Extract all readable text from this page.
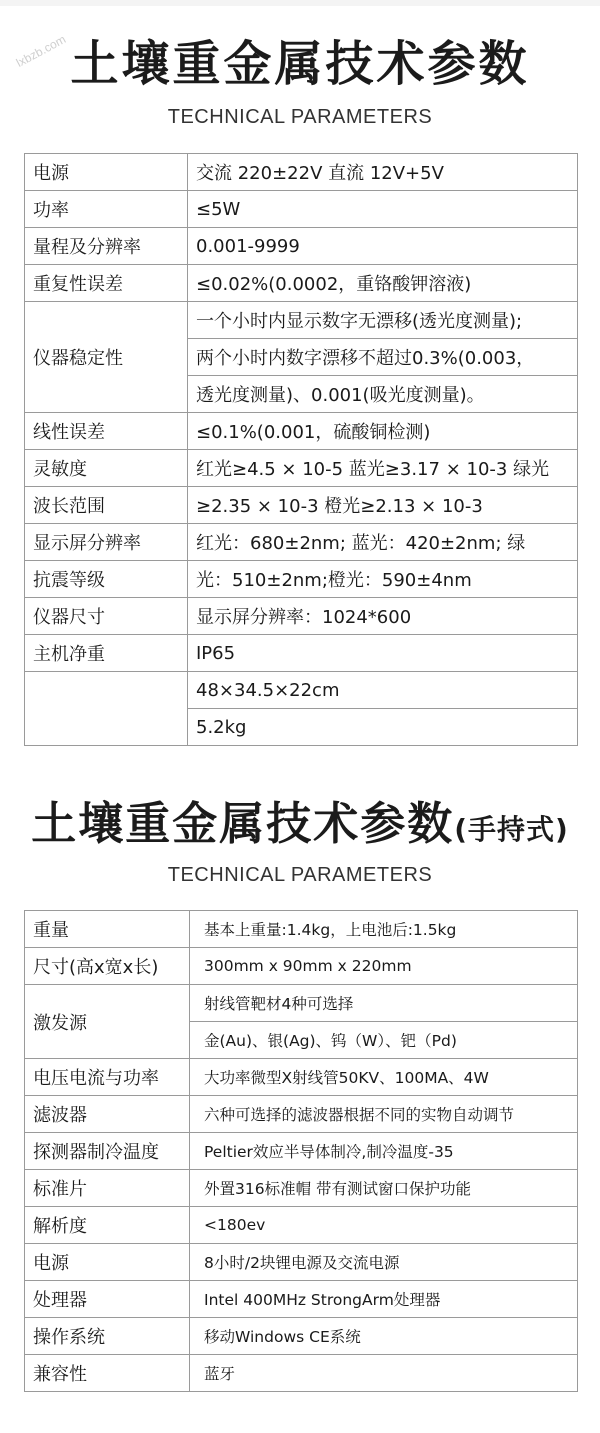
lxbzb.com 土壤重金属技术参数
TECHNICAL PARAMETERS
电源	交流 220±22V 直流 12V+5V
功率	≤5W
量程及分辨率	0.001-9999
重复性误差	≤0.02%(0.0002，重铬酸钾溶液)
仪器稳定性	一个小时内显示数字无漂移(透光度测量);
	两个小时内数字漂移不超过0.3%(0.003，
	透光度测量)、0.001(吸光度测量)。
线性误差	≤0.1%(0.001，硫酸铜检测)
灵敏度	红光≥4.5 × 10-5 蓝光≥3.17 × 10-3 绿光
波长范围	≥2.35 × 10-3 橙光≥2.13 × 10-3
显示屏分辨率	红光：680±2nm; 蓝光：420±2nm; 绿
抗震等级	光：510±2nm;橙光：590±4nm
仪器尺寸	显示屏分辨率：1024*600
主机净重	IP65
	48×34.5×22cm
	5.2kg
土壤重金属技术参数(手持式)
TECHNICAL PARAMETERS
重量	基本上重量:1.4kg，上电池后:1.5kg
尺寸(高x宽x长)	300mm x 90mm x 220mm
激发源	射线管靶材4种可选择
	金(Au)、银(Ag)、钨（W）、钯（Pd)
电压电流与功率	大功率微型X射线管50KV、100MA、4W
滤波器	六种可选择的滤波器根据不同的实物自动调节
探测器制冷温度	Peltier效应半导体制冷,制冷温度-35
标准片	外置316标准帽 带有测试窗口保护功能
解析度	<180ev
电源	8小时/2块锂电源及交流电源
处理器	Intel 400MHz StrongArm处理器
操作系统	移动Windows CE系统
兼容性	蓝牙
